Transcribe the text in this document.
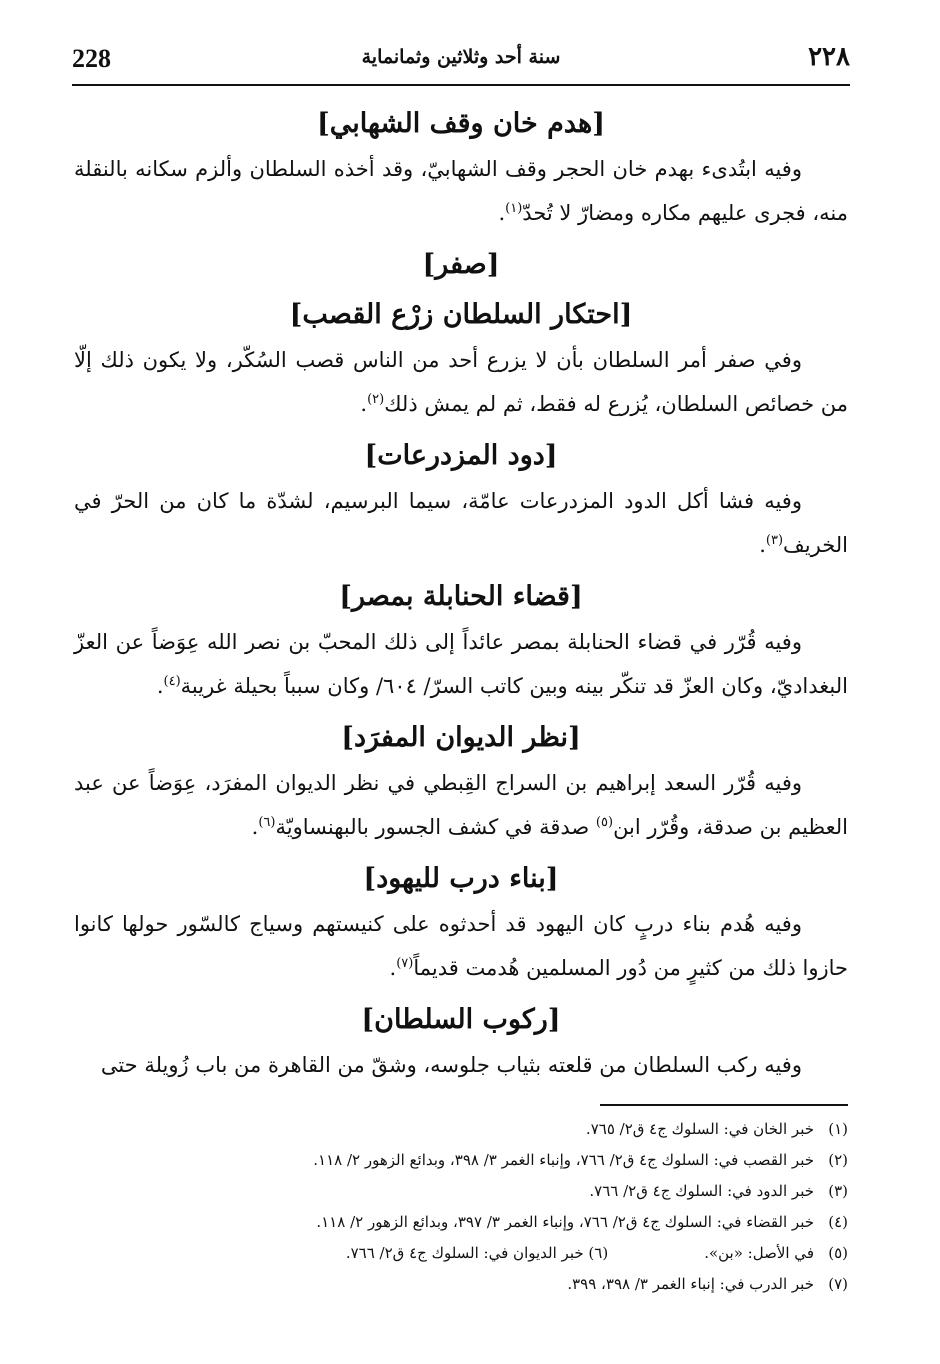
228	سنة أحد وثلاثين وثمانماية	٢٢٨
[هدم خان وقف الشهابي]

وفيه ابتُدىء بهدم خان الحجر وقف الشهابيّ، وقد أخذه السلطان وألزم سكانه بالنقلة منه، فجرى عليهم مكاره ومضارّ لا تُحدّ$^{(١)}$.

[صفر]
[احتكار السلطان زرْع القصب]

وفي صفر أمر السلطان بأن لا يزرع أحد من الناس قصب السُكّر، ولا يكون ذلك إلّا من خصائص السلطان، يُزرع له فقط، ثم لم يمش ذلك$^{(٢)}$.

[دود المزدرعات]

وفيه فشا أكل الدود المزدرعات عامّة، سيما البرسيم، لشدّة ما كان من الحرّ في الخريف$^{(٣)}$.

[قضاء الحنابلة بمصر]

وفيه قُرّر في قضاء الحنابلة بمصر عائداً إلى ذلك المحبّ بن نصر الله عِوَضاً عن العزّ البغداديّ، وكان العزّ قد تنكّر بينه وبين كاتب السرّ/ ٦٠٤/ وكان سبباً بحيلة غريبة$^{(٤)}$.

[نظر الديوان المفرَد]

وفيه قُرّر السعد إبراهيم بن السراج القِبطي في نظر الديوان المفرَد، عِوَضاً عن عبد العظيم بن صدقة، وقُرّر ابن$^{(٥)}$ صدقة في كشف الجسور بالبهنساويّة$^{(٦)}$.

[بناء درب لليهود]

وفيه هُدم بناء دربٍ كان اليهود قد أحدثوه على كنيستهم وسياج كالسّور حولها كانوا حازوا ذلك من كثيرٍ من دُور المسلمين هُدمت قديماً$^{(٧)}$.

[ركوب السلطان]

وفيه ركب السلطان من قلعته بثياب جلوسه، وشقّ من القاهرة من باب زُويلة حتى

(١)خبر الخان في: السلوك ج٤ ق٢/ ٧٦٥.
(٢)خبر القصب في: السلوك ج٤ ق٢/ ٧٦٦، وإنباء الغمر ٣/ ٣٩٨، وبدائع الزهور ٢/ ١١٨.
(٣)خبر الدود في: السلوك ج٤ ق٢/ ٧٦٦.
(٤)خبر القضاء في: السلوك ج٤ ق٢/ ٧٦٦، وإنباء الغمر ٣/ ٣٩٧، وبدائع الزهور ٢/ ١١٨.
(٥)في الأصل: «بن».(٦) خبر الديوان في: السلوك ج٤ ق٢/ ٧٦٦.
(٧)خبر الدرب في: إنباء الغمر ٣/ ٣٩٨، ٣٩٩.
